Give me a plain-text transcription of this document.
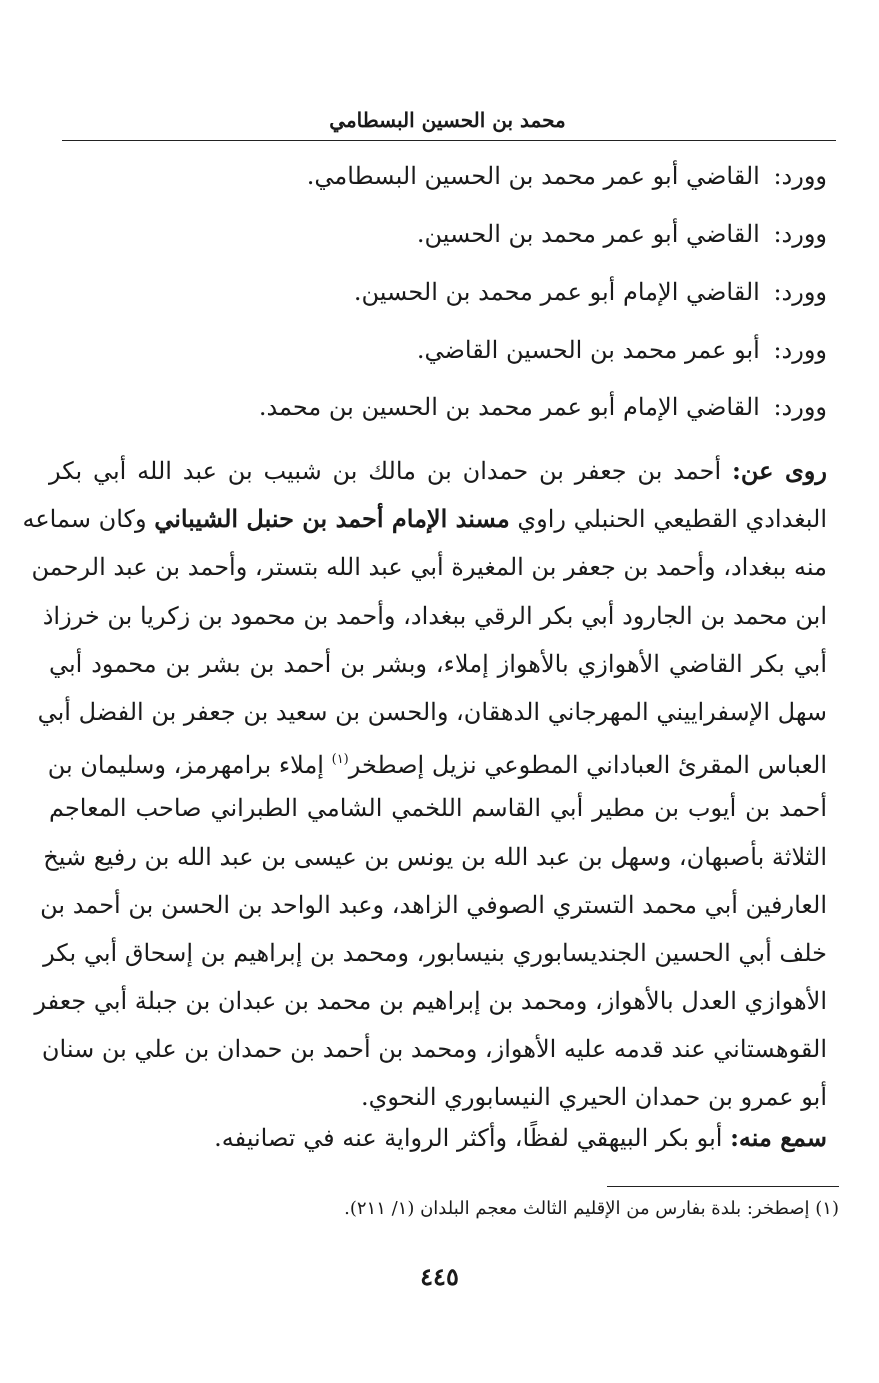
محمد بن الحسين البسطامي
وورد: القاضي أبو عمر محمد بن الحسين البسطامي.
وورد: القاضي أبو عمر محمد بن الحسين.
وورد: القاضي الإمام أبو عمر محمد بن الحسين.
وورد: أبو عمر محمد بن الحسين القاضي.
وورد: القاضي الإمام أبو عمر محمد بن الحسين بن محمد.
روى عن: أحمد بن جعفر بن حمدان بن مالك بن شبيب بن عبد الله أبي بكر
البغدادي القطيعي الحنبلي راوي مسند الإمام أحمد بن حنبل الشيباني وكان سماعه
منه ببغداد، وأحمد بن جعفر بن المغيرة أبي عبد الله بتستر، وأحمد بن عبد الرحمن
ابن محمد بن الجارود أبي بكر الرقي ببغداد، وأحمد بن محمود بن زكريا بن خرزاذ
أبي بكر القاضي الأهوازي بالأهواز إملاء، وبشر بن أحمد بن بشر بن محمود أبي
سهل الإسفراييني المهرجاني الدهقان، والحسن بن سعيد بن جعفر بن الفضل أبي
العباس المقرئ العباداني المطوعي نزيل إصطخر$^{(١)}$ إملاء برامهرمز، وسليمان بن
أحمد بن أيوب بن مطير أبي القاسم اللخمي الشامي الطبراني صاحب المعاجم
الثلاثة بأصبهان، وسهل بن عبد الله بن يونس بن عيسى بن عبد الله بن رفيع شيخ
العارفين أبي محمد التستري الصوفي الزاهد، وعبد الواحد بن الحسن بن أحمد بن
خلف أبي الحسين الجنديسابوري بنيسابور، ومحمد بن إبراهيم بن إسحاق أبي بكر
الأهوازي العدل بالأهواز، ومحمد بن إبراهيم بن محمد بن عبدان بن جبلة أبي جعفر
القوهستاني عند قدمه عليه الأهواز، ومحمد بن أحمد بن حمدان بن علي بن سنان
أبو عمرو بن حمدان الحيري النيسابوري النحوي.
سمع منه: أبو بكر البيهقي لفظًا، وأكثر الرواية عنه في تصانيفه.
(١) إصطخر: بلدة بفارس من الإقليم الثالث معجم البلدان (١/ ٢١١).
٤٤٥
